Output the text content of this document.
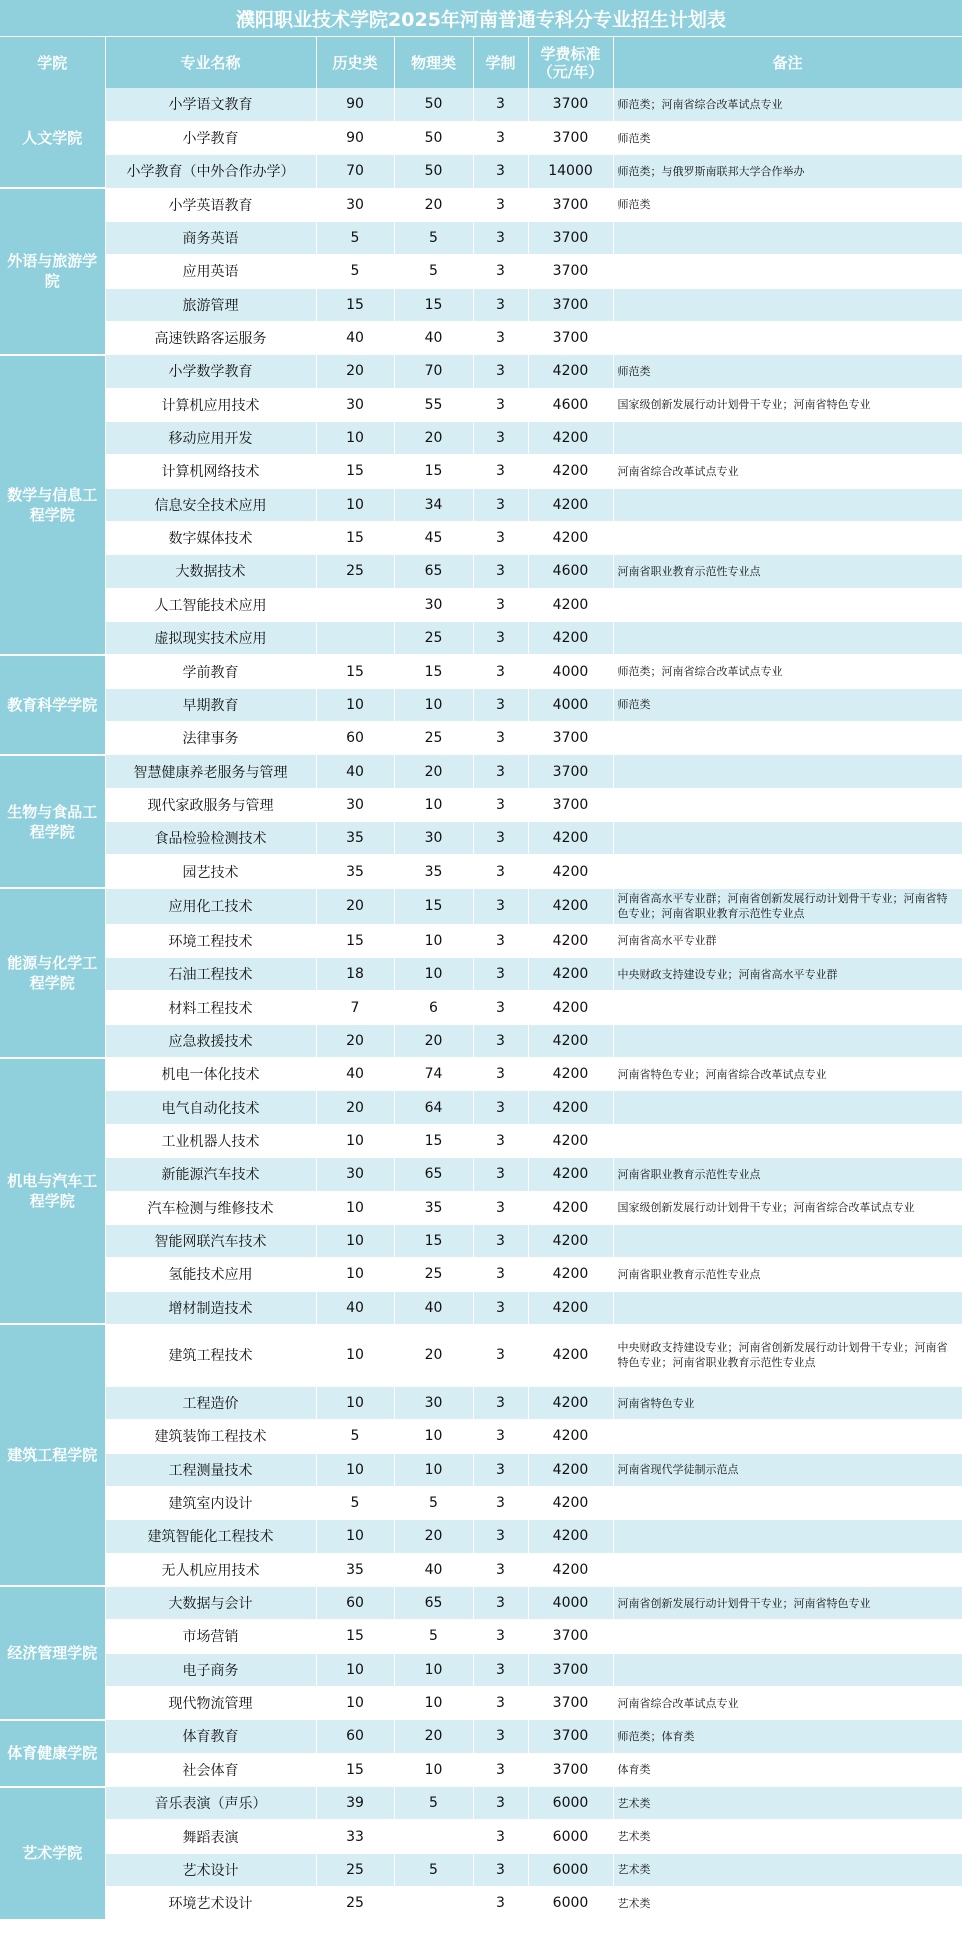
濮阳职业技术学院2025年河南普通专科分专业招生计划表
学院	专业名称	历史类	物理类	学制	学费标准（元/年）	备注
人文学院	小学语文教育	90	50	3	3700	师范类；河南省综合改革试点专业
	小学教育	90	50	3	3700	师范类
	小学教育（中外合作办学）	70	50	3	14000	师范类；与俄罗斯南联邦大学合作举办
外语与旅游学院	小学英语教育	30	20	3	3700	师范类
	商务英语	5	5	3	3700	
	应用英语	5	5	3	3700	
	旅游管理	15	15	3	3700	
	高速铁路客运服务	40	40	3	3700	
数学与信息工程学院	小学数学教育	20	70	3	4200	师范类
	计算机应用技术	30	55	3	4600	国家级创新发展行动计划骨干专业；河南省特色专业
	移动应用开发	10	20	3	4200	
	计算机网络技术	15	15	3	4200	河南省综合改革试点专业
	信息安全技术应用	10	34	3	4200	
	数字媒体技术	15	45	3	4200	
	大数据技术	25	65	3	4600	河南省职业教育示范性专业点
	人工智能技术应用		30	3	4200	
	虚拟现实技术应用		25	3	4200	
教育科学学院	学前教育	15	15	3	4000	师范类；河南省综合改革试点专业
	早期教育	10	10	3	4000	师范类
	法律事务	60	25	3	3700	
生物与食品工程学院	智慧健康养老服务与管理	40	20	3	3700	
	现代家政服务与管理	30	10	3	3700	
	食品检验检测技术	35	30	3	4200	
	园艺技术	35	35	3	4200	
能源与化学工程学院	应用化工技术	20	15	3	4200	河南省高水平专业群；河南省创新发展行动计划骨干专业；河南省特色专业；河南省职业教育示范性专业点
	环境工程技术	15	10	3	4200	河南省高水平专业群
	石油工程技术	18	10	3	4200	中央财政支持建设专业；河南省高水平专业群
	材料工程技术	7	6	3	4200	
	应急救援技术	20	20	3	4200	
机电与汽车工程学院	机电一体化技术	40	74	3	4200	河南省特色专业；河南省综合改革试点专业
	电气自动化技术	20	64	3	4200	
	工业机器人技术	10	15	3	4200	
	新能源汽车技术	30	65	3	4200	河南省职业教育示范性专业点
	汽车检测与维修技术	10	35	3	4200	国家级创新发展行动计划骨干专业；河南省综合改革试点专业
	智能网联汽车技术	10	15	3	4200	
	氢能技术应用	10	25	3	4200	河南省职业教育示范性专业点
	增材制造技术	40	40	3	4200	
建筑工程学院	建筑工程技术	10	20	3	4200	中央财政支持建设专业；河南省创新发展行动计划骨干专业；河南省特色专业；河南省职业教育示范性专业点
	工程造价	10	30	3	4200	河南省特色专业
	建筑装饰工程技术	5	10	3	4200	
	工程测量技术	10	10	3	4200	河南省现代学徒制示范点
	建筑室内设计	5	5	3	4200	
	建筑智能化工程技术	10	20	3	4200	
	无人机应用技术	35	40	3	4200	
经济管理学院	大数据与会计	60	65	3	4000	河南省创新发展行动计划骨干专业；河南省特色专业
	市场营销	15	5	3	3700	
	电子商务	10	10	3	3700	
	现代物流管理	10	10	3	3700	河南省综合改革试点专业
体育健康学院	体育教育	60	20	3	3700	师范类；体育类
	社会体育	15	10	3	3700	体育类
艺术学院	音乐表演（声乐）	39	5	3	6000	艺术类
	舞蹈表演	33		3	6000	艺术类
	艺术设计	25	5	3	6000	艺术类
	环境艺术设计	25		3	6000	艺术类
